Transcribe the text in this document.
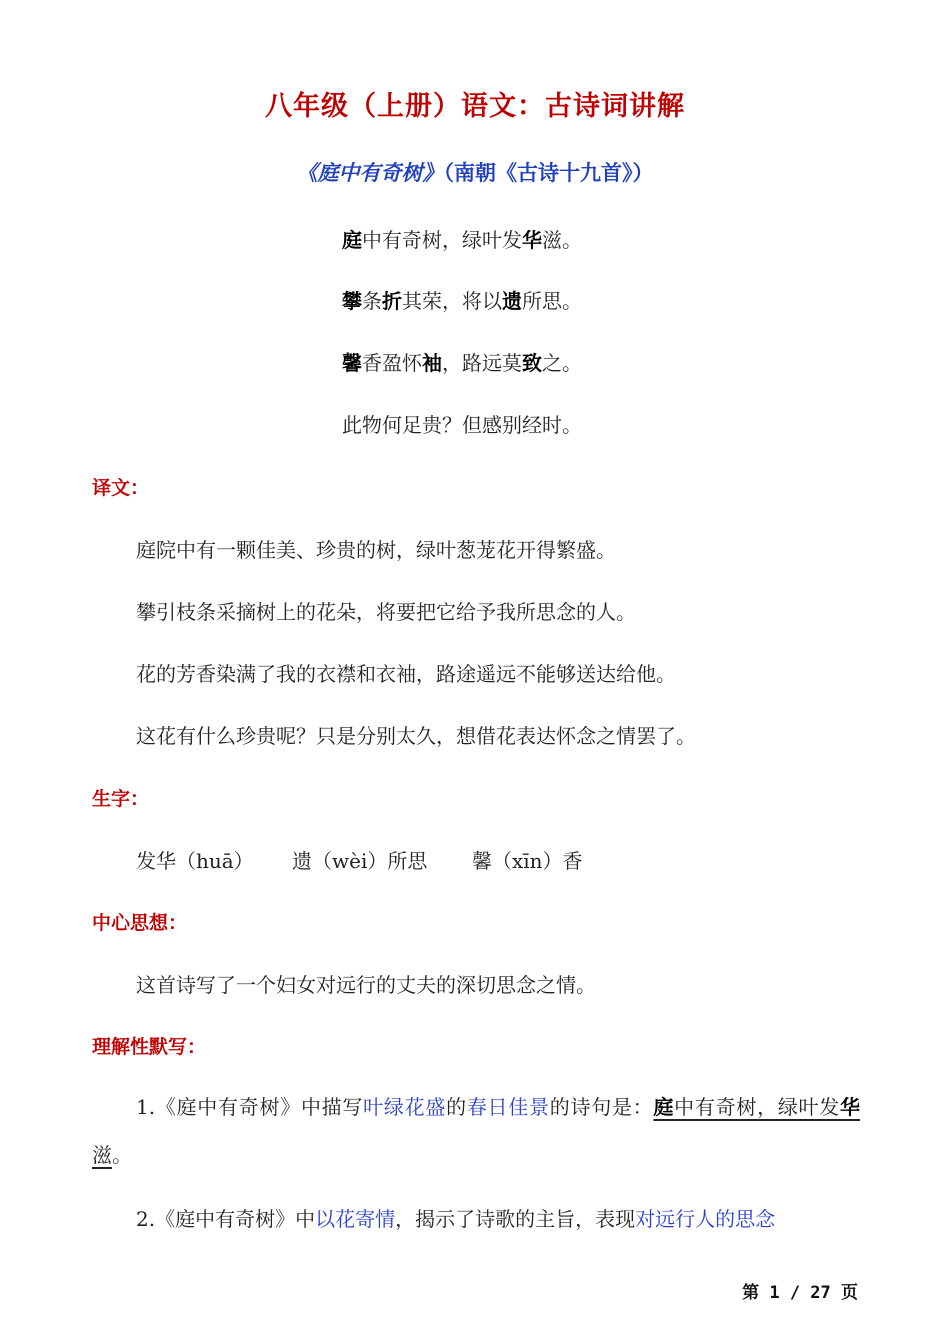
八年级（上册）语文：古诗词讲解
《庭中有奇树》（南朝《古诗十九首》）
庭中有奇树，绿叶发华滋。
攀条折其荣，将以遗所思。
馨香盈怀袖，路远莫致之。
此物何足贵？但感别经时。
译文：
庭院中有一颗佳美、珍贵的树，绿叶葱茏花开得繁盛。
攀引枝条采摘树上的花朵，将要把它给予我所思念的人。
花的芳香染满了我的衣襟和衣袖，路途遥远不能够送达给他。
这花有什么珍贵呢？只是分别太久，想借花表达怀念之情罢了。
生字：
发华（huā） 遗（wèi）所思 馨（xīn）香
中心思想：
这首诗写了一个妇女对远行的丈夫的深切思念之情。
理解性默写：
1.《庭中有奇树》中描写叶绿花盛的春日佳景的诗句是：庭中有奇树，绿叶发华滋。
2.《庭中有奇树》中以花寄情，揭示了诗歌的主旨，表现对远行人的思念
第 1 / 27 页
